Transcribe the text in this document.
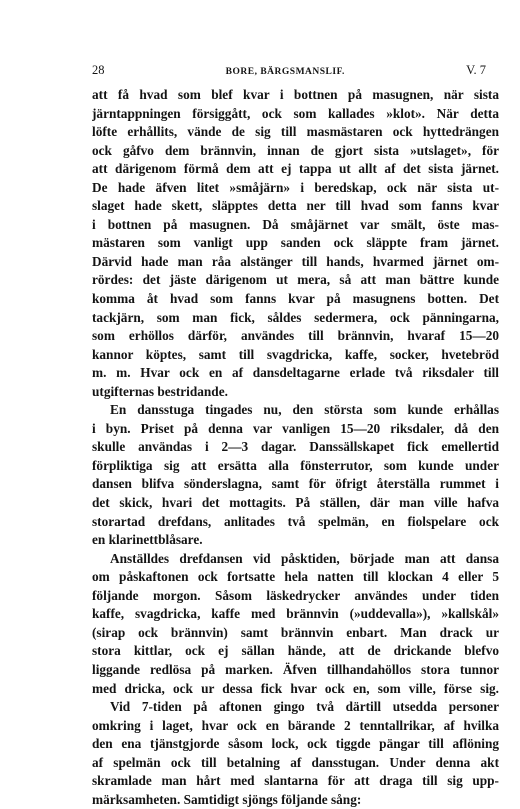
28	BORE, BÄRGSMANSLIF.	V. 7
att få hvad som blef kvar i bottnen på masugnen, när sista
järntappningen försiggått, ock som kallades »klot». När detta
löfte erhållits, vände de sig till masmästaren ock hyttedrängen
ock gåfvo dem brännvin, innan de gjort sista »utslaget», för
att därigenom förmå dem att ej tappa ut allt af det sista järnet.
De hade äfven litet »småjärn» i beredskap, ock när sista ut-
slaget hade skett, släpptes detta ner till hvad som fanns kvar
i bottnen på masugnen. Då småjärnet var smält, öste mas-
mästaren som vanligt upp sanden ock släppte fram järnet.
Därvid hade man råa alstänger till hands, hvarmed järnet om-
rördes: det jäste därigenom ut mera, så att man bättre kunde
komma åt hvad som fanns kvar på masugnens botten. Det
tackjärn, som man fick, såldes sedermera, ock pänningarna,
som erhöllos därför, användes till brännvin, hvaraf 15—20
kannor köptes, samt till svagdricka, kaffe, socker, hvetebröd
m. m. Hvar ock en af dansdeltagarne erlade två riksdaler till
utgifternas bestridande.
En dansstuga tingades nu, den största som kunde erhållas
i byn. Priset på denna var vanligen 15—20 riksdaler, då den
skulle användas i 2—3 dagar. Danssällskapet fick emellertid
förpliktiga sig att ersätta alla fönsterrutor, som kunde under
dansen blifva sönderslagna, samt för öfrigt återställa rummet i
det skick, hvari det mottagits. På ställen, där man ville hafva
storartad drefdans, anlitades två spelmän, en fiolspelare ock
en klarinettblåsare.
Anställdes drefdansen vid påsktiden, började man att dansa
om påskaftonen ock fortsatte hela natten till klockan 4 eller 5
följande morgon. Såsom läskedrycker användes under tiden
kaffe, svagdricka, kaffe med brännvin (»uddevalla»), »kallskål»
(sirap ock brännvin) samt brännvin enbart. Man drack ur
stora kittlar, ock ej sällan hände, att de drickande blefvo
liggande redlösa på marken. Äfven tillhandahöllos stora tunnor
med dricka, ock ur dessa fick hvar ock en, som ville, förse sig.
Vid 7-tiden på aftonen gingo två därtill utsedda personer
omkring i laget, hvar ock en bärande 2 tenntallrikar, af hvilka
den ena tjänstgjorde såsom lock, ock tiggde pängar till aflöning
af spelmän ock till betalning af dansstugan. Under denna akt
skramlade man hårt med slantarna för att draga till sig upp-
märksamheten. Samtidigt sjöngs följande sång:
